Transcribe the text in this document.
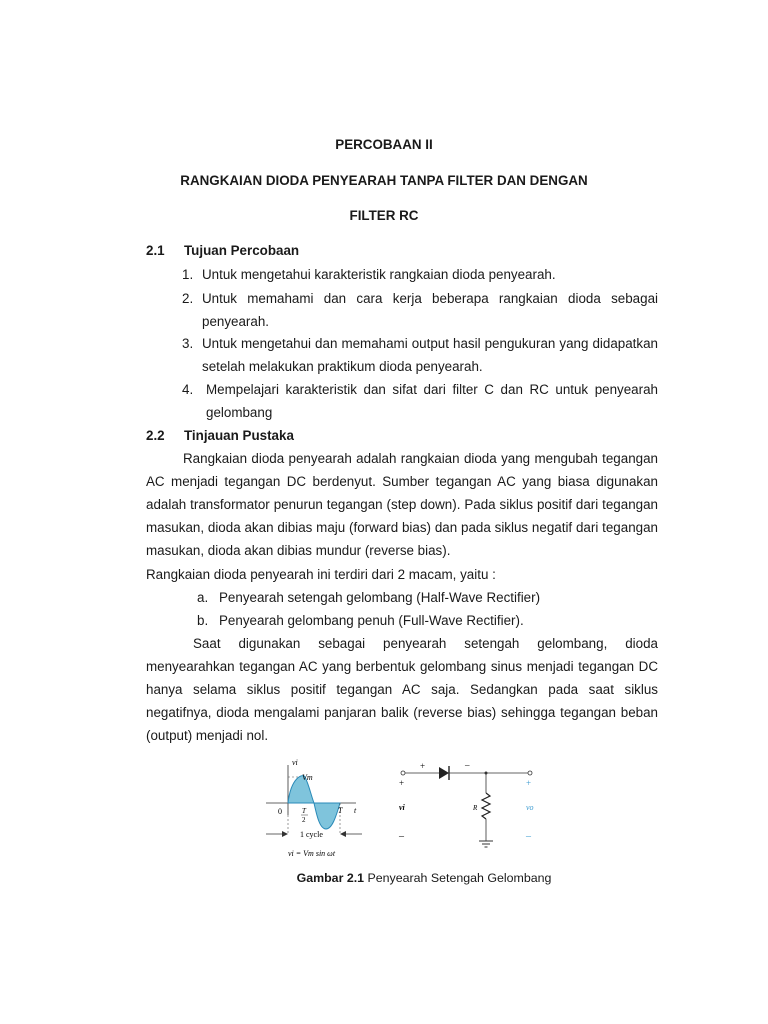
PERCOBAAN II
RANGKAIAN DIODA PENYEARAH TANPA FILTER DAN DENGAN
FILTER RC
2.1 Tujuan Percobaan
1. Untuk mengetahui karakteristik rangkaian dioda penyearah.
2. Untuk memahami dan cara kerja beberapa rangkaian dioda sebagai penyearah.
3. Untuk mengetahui dan memahami output hasil pengukuran yang didapatkan setelah melakukan praktikum dioda penyearah.
4. Mempelajari karakteristik dan sifat dari filter C dan RC untuk penyearah gelombang
2.2 Tinjauan Pustaka
Rangkaian dioda penyearah adalah rangkaian dioda yang mengubah tegangan AC menjadi tegangan DC berdenyut. Sumber tegangan AC yang biasa digunakan adalah transformator penurun tegangan (step down). Pada siklus positif dari tegangan masukan, dioda akan dibias maju (forward bias) dan pada siklus negatif dari tegangan masukan, dioda akan dibias mundur (reverse bias).
Rangkaian dioda penyearah ini terdiri dari 2 macam, yaitu :
a. Penyearah setengah gelombang (Half-Wave Rectifier)
b. Penyearah gelombang penuh (Full-Wave Rectifier).
Saat digunakan sebagai penyearah setengah gelombang, dioda menyearahkan tegangan AC yang berbentuk gelombang sinus menjadi tegangan DC hanya selama siklus positif tegangan AC saja. Sedangkan pada saat siklus negatifnya, dioda mengalami panjaran balik (reverse bias) sehingga tegangan beban (output) menjadi nol.
vi
Vm
0	T
2
T t
1 cycle
vi = Vm sin ωt
+
vi
–
+	–
R
+
vo
–
Gambar 2.1 Penyearah Setengah Gelombang
